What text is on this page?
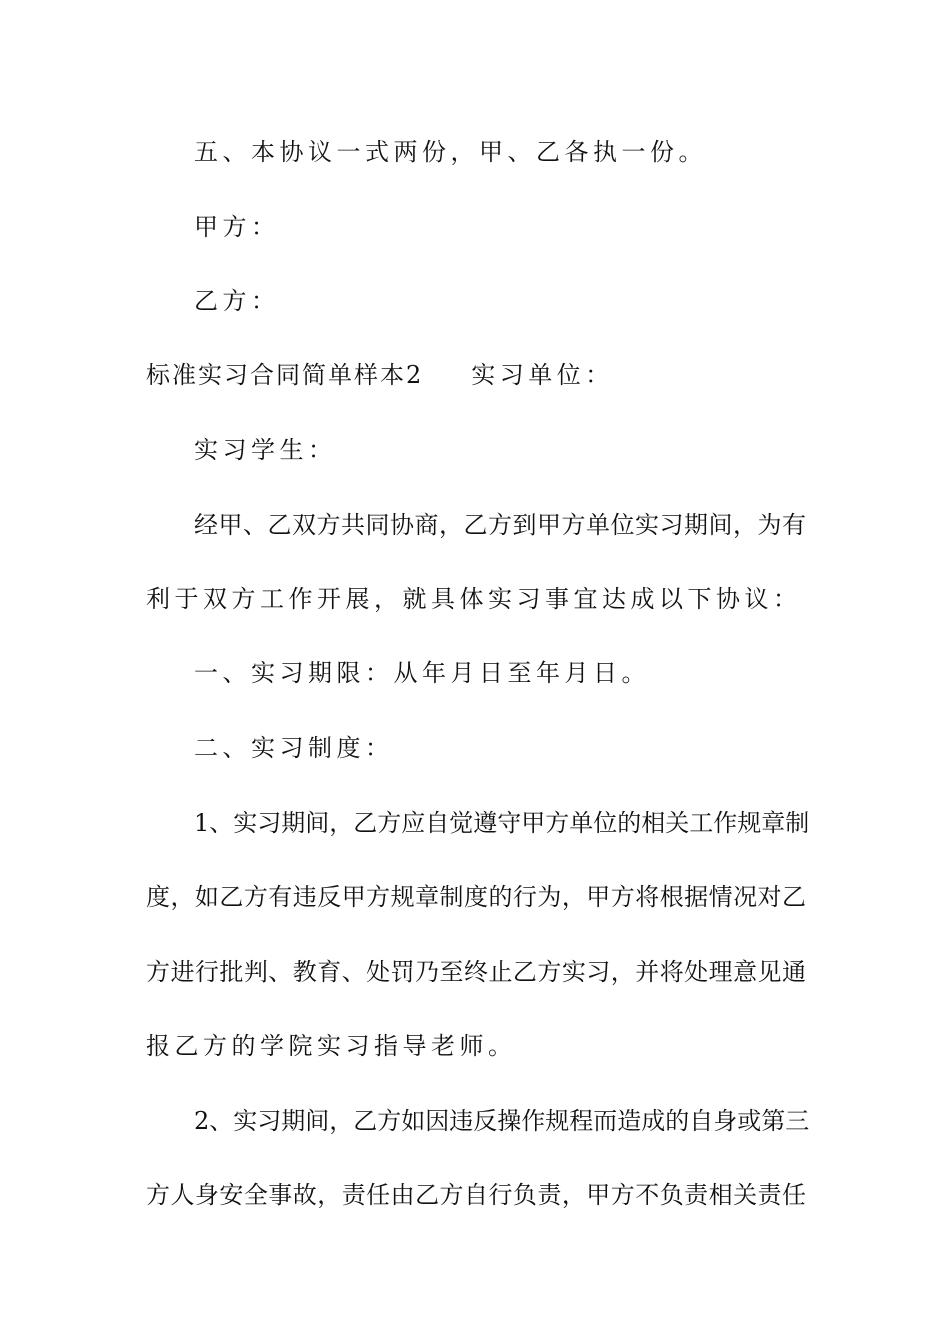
五、本协议一式两份，甲、乙各执一份。
甲方：
乙方：
标准实习合同简单样本2 实习单位：
实习学生：
经甲、乙双方共同协商，乙方到甲方单位实习期间，为有
利于双方工作开展，就具体实习事宜达成以下协议：
一、实习期限：从年月日至年月日。
二、实习制度：
1、实习期间，乙方应自觉遵守甲方单位的相关工作规章制
度，如乙方有违反甲方规章制度的行为，甲方将根据情况对乙
方进行批判、教育、处罚乃至终止乙方实习，并将处理意见通
报乙方的学院实习指导老师。
2、实习期间，乙方如因违反操作规程而造成的自身或第三
方人身安全事故，责任由乙方自行负责，甲方不负责相关责任
